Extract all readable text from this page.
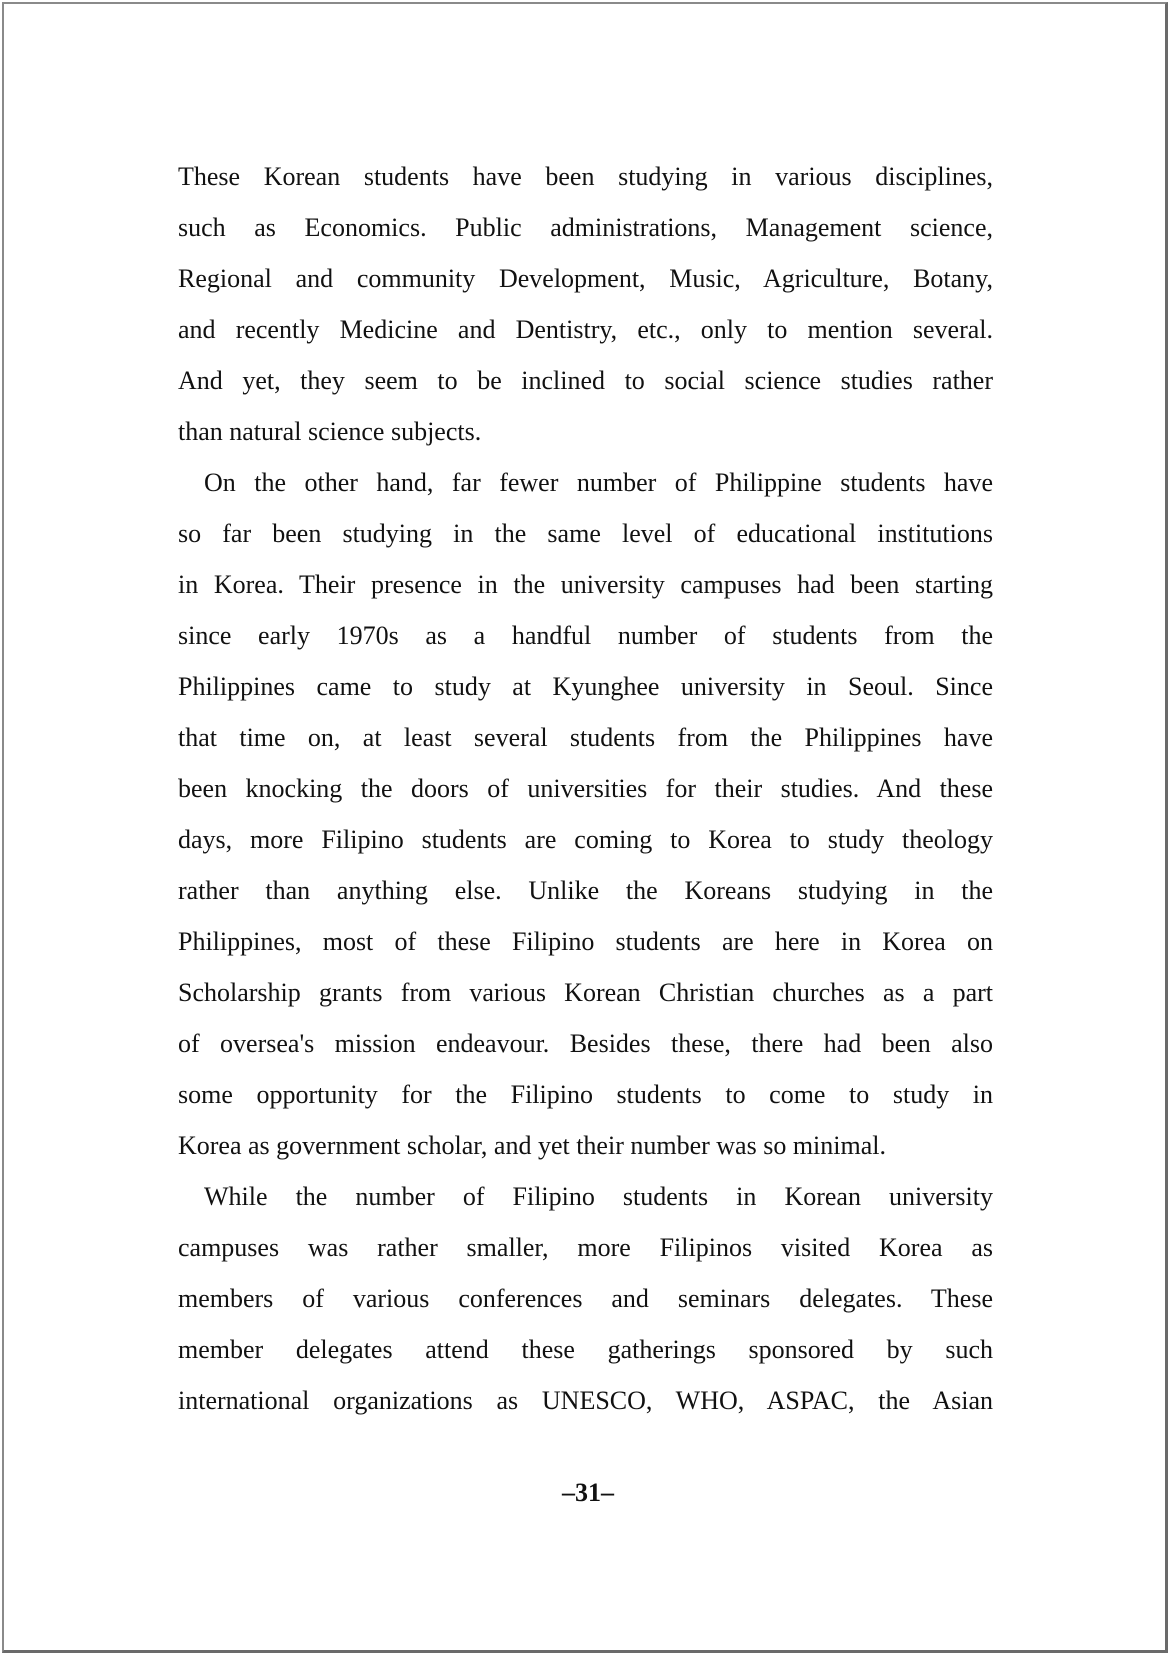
These Korean students have been studying in various disciplines,
such as Economics. Public administrations, Management science,
Regional and community Development, Music, Agriculture, Botany,
and recently Medicine and Dentistry, etc., only to mention several.
And yet, they seem to be inclined to social science studies rather
than natural science subjects.
On the other hand, far fewer number of Philippine students have
so far been studying in the same level of educational institutions
in Korea. Their presence in the university campuses had been starting
since early 1970s as a handful number of students from the
Philippines came to study at Kyunghee university in Seoul. Since
that time on, at least several students from the Philippines have
been knocking the doors of universities for their studies. And these
days, more Filipino students are coming to Korea to study theology
rather than anything else. Unlike the Koreans studying in the
Philippines, most of these Filipino students are here in Korea on
Scholarship grants from various Korean Christian churches as a part
of oversea's mission endeavour. Besides these, there had been also
some opportunity for the Filipino students to come to study in
Korea as government scholar, and yet their number was so minimal.
While the number of Filipino students in Korean university
campuses was rather smaller, more Filipinos visited Korea as
members of various conferences and seminars delegates. These
member delegates attend these gatherings sponsored by such
international organizations as UNESCO, WHO, ASPAC, the Asian
–31–
